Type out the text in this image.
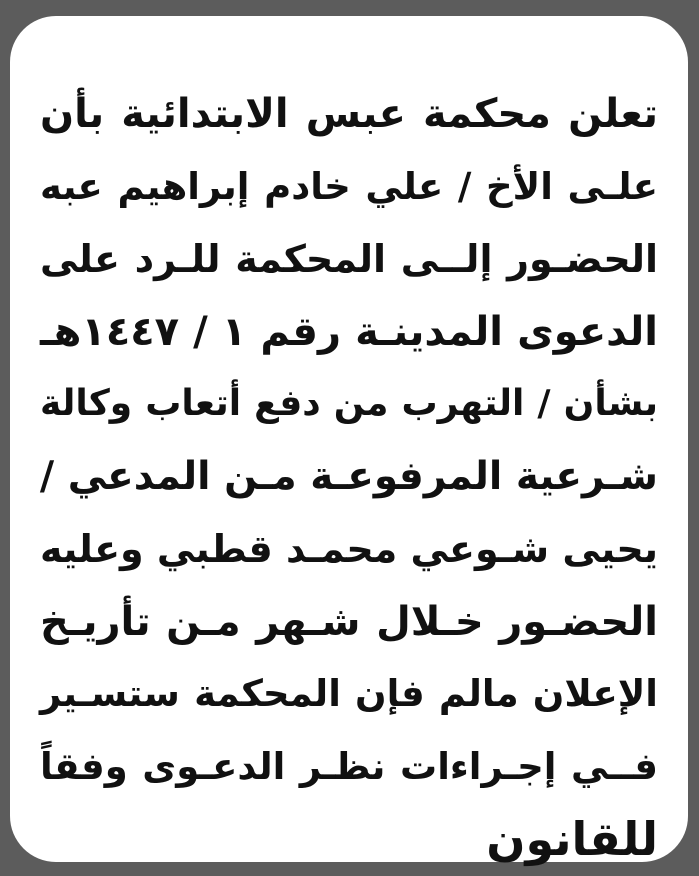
تعلن محكمة عبس الابتدائية بأن
علـى الأخ / علي خادم إبراهيم عبه
الحضـور إلــى المحكمة للـرد على
الدعوى المدينـة رقم ١ / ١٤٤٧هـ
بشأن / التهرب من دفع أتعاب وكالة
شـرعية المرفوعـة مـن المدعي /
يحيى شـوعي محمـد قطبي وعليه
الحضـور خـلال شـهر مـن تأريـخ
الإعلان مالم فإن المحكمة ستسـير
فــي إجـراءات نظـر الدعـوى وفقاً
للقانون
